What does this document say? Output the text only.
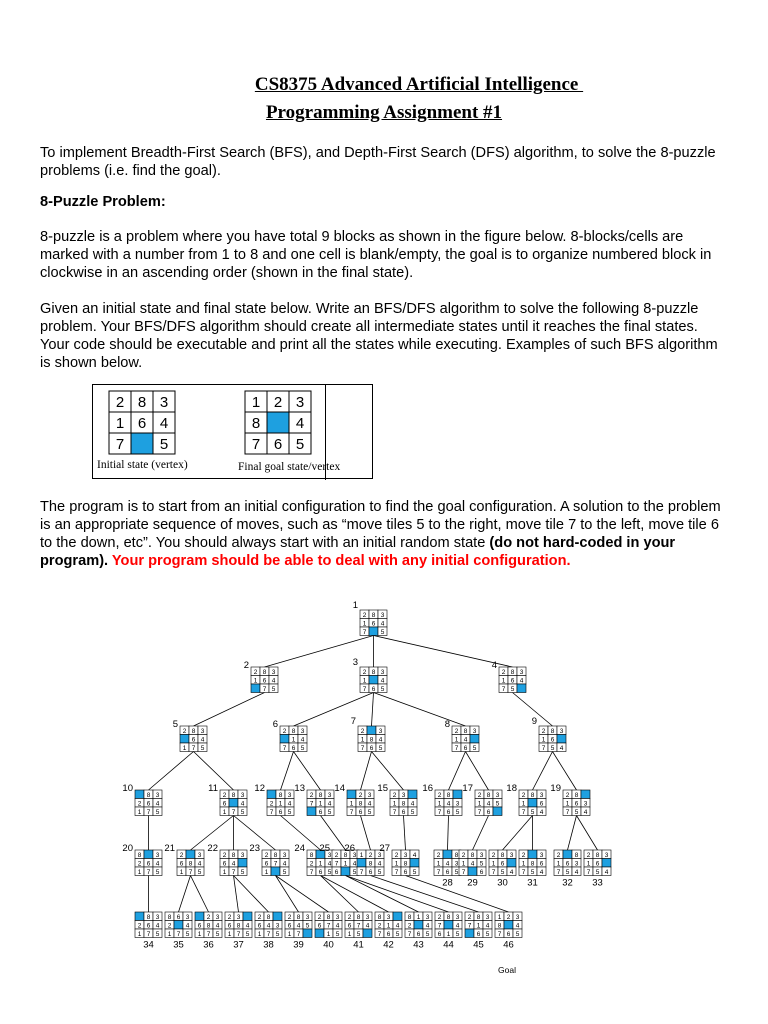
CS8375 Advanced Artificial Intelligence
Programming Assignment #1

To implement Breadth-First Search (BFS), and Depth-First Search (DFS) algorithm, to solve the 8-puzzle problems (i.e. find the goal).

8-Puzzle Problem:

8-puzzle is a problem where you have total 9 blocks as shown in the figure below. 8-blocks/cells are marked with a number from 1 to 8 and one cell is blank/empty, the goal is to organize numbered block in clockwise in an ascending order (shown in the final state).

Given an initial state and final state below. Write an BFS/DFS algorithm to solve the following 8-puzzle problem. Your BFS/DFS algorithm should create all intermediate states until it reaches the final states. Your code should be executable and print all the states while executing. Examples of such BFS algorithm is shown below.

2 8 3
1 6 4
7 5
Initial state (vertex)
1 2 3
8 4
7 6 5
Final goal state/vertex

The program is to start from an initial configuration to find the goal configuration. A solution to the problem is an appropriate sequence of moves, such as “move tiles 5 to the right, move tile 7 to the left, move tile 6 to the down, etc”. You should always start with an initial random state (do not hard-coded in your program). Your program should be able to deal with any initial configuration.

2 8 3
1 6 4
7 5
1
2 8 3
1 6 4
7 5
2
2 8 3
1 4
7 6 5
3
2 8 3
1 6 4
7 5
4
2 8 3
6 4
1 7 5
5
2 8 3
1 4
7 6 5
6
2 3
1 8 4
7 6 5
7
2 8 3
1 4
7 6 5
8
2 8 3
1 6
7 5 4
9
8 3
2 6 4
1 7 5
10
2 8 3
6 4
1 7 5
11
8 3
2 1 4
7 6 5
12
2 8 3
7 1 4
6 5
13
2 3
1 8 4
7 6 5
14
2 3
1 8 4
7 6 5
15
2 8
1 4 3
7 6 5
16
2 8 3
1 4 5
7 6
17
2 8 3
1 6
7 5 4
18
2 8
1 6 3
7 5 4
19
8 3
2 6 4
1 7 5
20
2 3
6 8 4
1 7 5
21
2 8 3
6 4
1 7 5
22
2 8 3
6 7 4
1 5
23
8 3
2 1 4
7 6 5
24
2 8 3
7 1 4
6 5
25
1 2 3
8 4
7 6 5
26
2 3 4
1 8
7 6 5
27
2 8
1 4 3
7 6 5
28
2 8 3
1 4 5
7 6
29
2 8 3
1 6
7 5 4
30
2 3
1 8 6
7 5 4
31
2 8
1 6 3
7 5 4
32
2 8 3
1 6
7 5 4
33
8 3
2 6 4
1 7 5
34
8 6 3
2 4
1 7 5
35
2 3
6 8 4
1 7 5
36
2 3
6 8 4
1 7 5
37
2 8
6 4 3
1 7 5
38
2 8 3
6 4 5
1 7
39
2 8 3
6 7 4
1 5
40
2 8 3
6 7 4
1 5
41
8 3
2 1 4
7 6 5
42
8 1 3
2 4
7 6 5
43
2 8 3
7 4
6 1 5
44
2 8 3
7 1 4
6 5
45
1 2 3
8 4
7 6 5
46
Goal
